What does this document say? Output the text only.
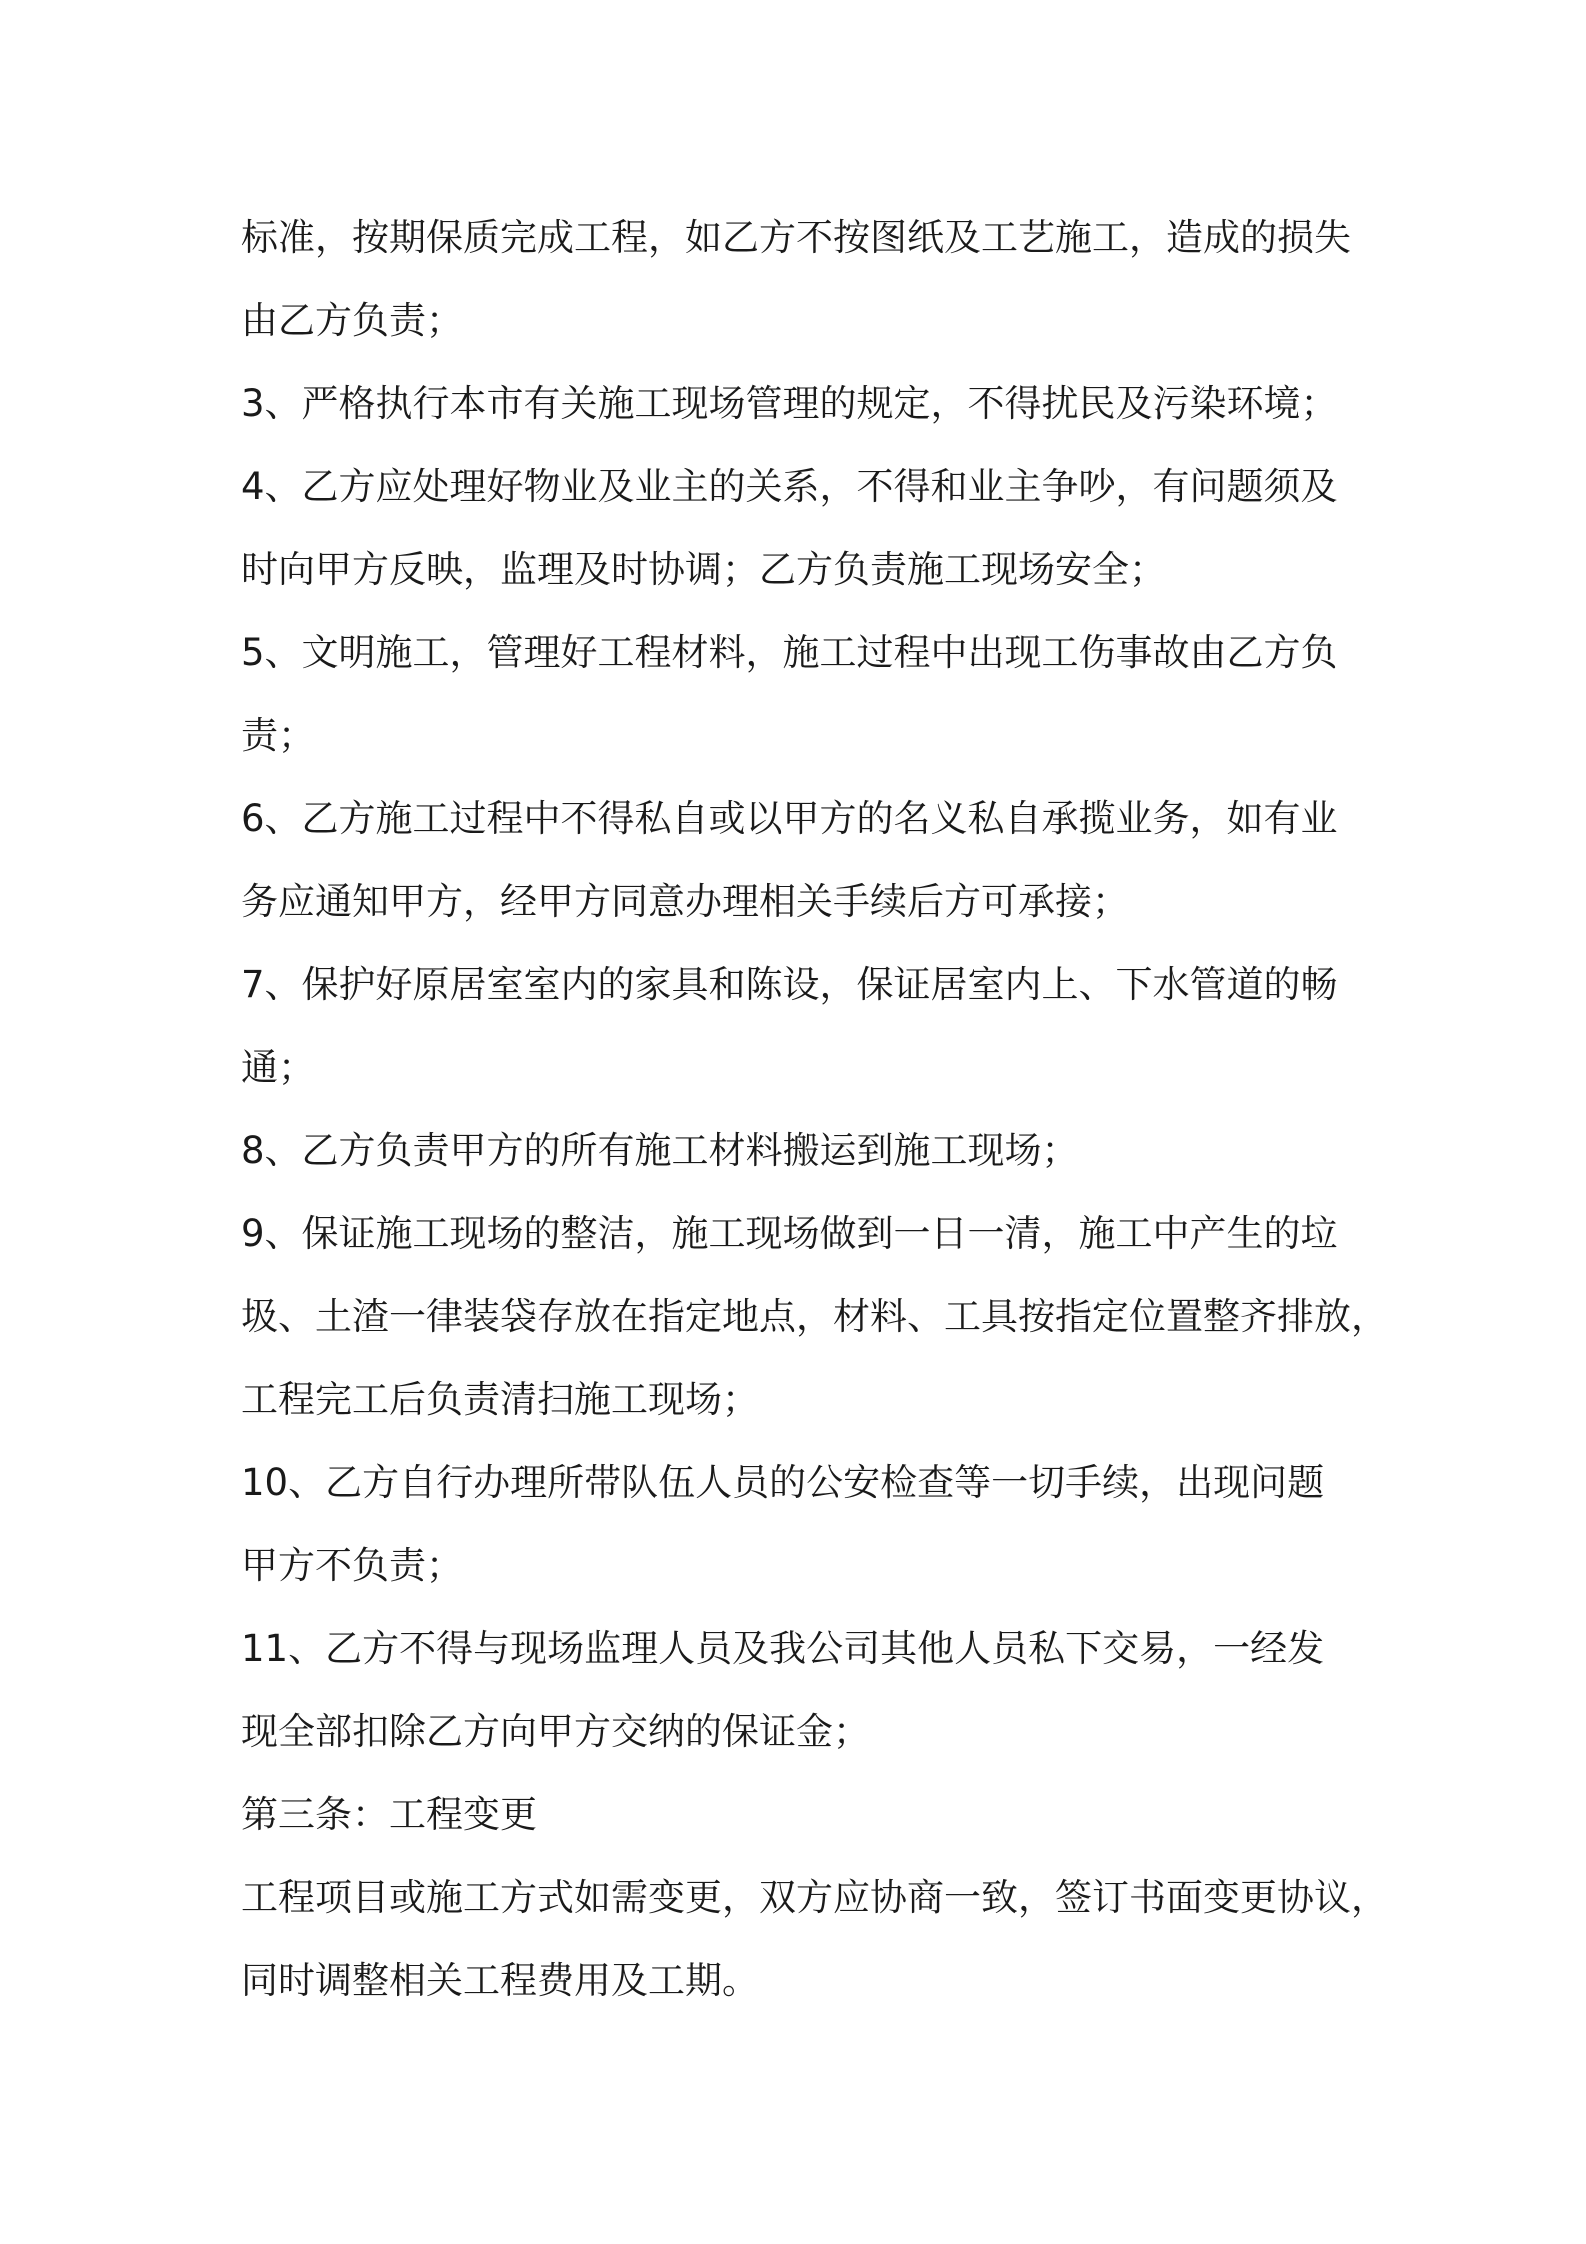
标准，按期保质完成工程，如乙方不按图纸及工艺施工，造成的损失
由乙方负责；
3、严格执行本市有关施工现场管理的规定，不得扰民及污染环境；
4、乙方应处理好物业及业主的关系，不得和业主争吵，有问题须及
时向甲方反映，监理及时协调；乙方负责施工现场安全；
5、文明施工，管理好工程材料，施工过程中出现工伤事故由乙方负
责；
6、乙方施工过程中不得私自或以甲方的名义私自承揽业务，如有业
务应通知甲方，经甲方同意办理相关手续后方可承接；
7、保护好原居室室内的家具和陈设，保证居室内上、下水管道的畅
通；
8、乙方负责甲方的所有施工材料搬运到施工现场；
9、保证施工现场的整洁，施工现场做到一日一清，施工中产生的垃
圾、土渣一律装袋存放在指定地点，材料、工具按指定位置整齐排放，
工程完工后负责清扫施工现场；
10、乙方自行办理所带队伍人员的公安检查等一切手续，出现问题
甲方不负责；
11、乙方不得与现场监理人员及我公司其他人员私下交易，一经发
现全部扣除乙方向甲方交纳的保证金；
第三条：工程变更
工程项目或施工方式如需变更，双方应协商一致，签订书面变更协议，
同时调整相关工程费用及工期。
